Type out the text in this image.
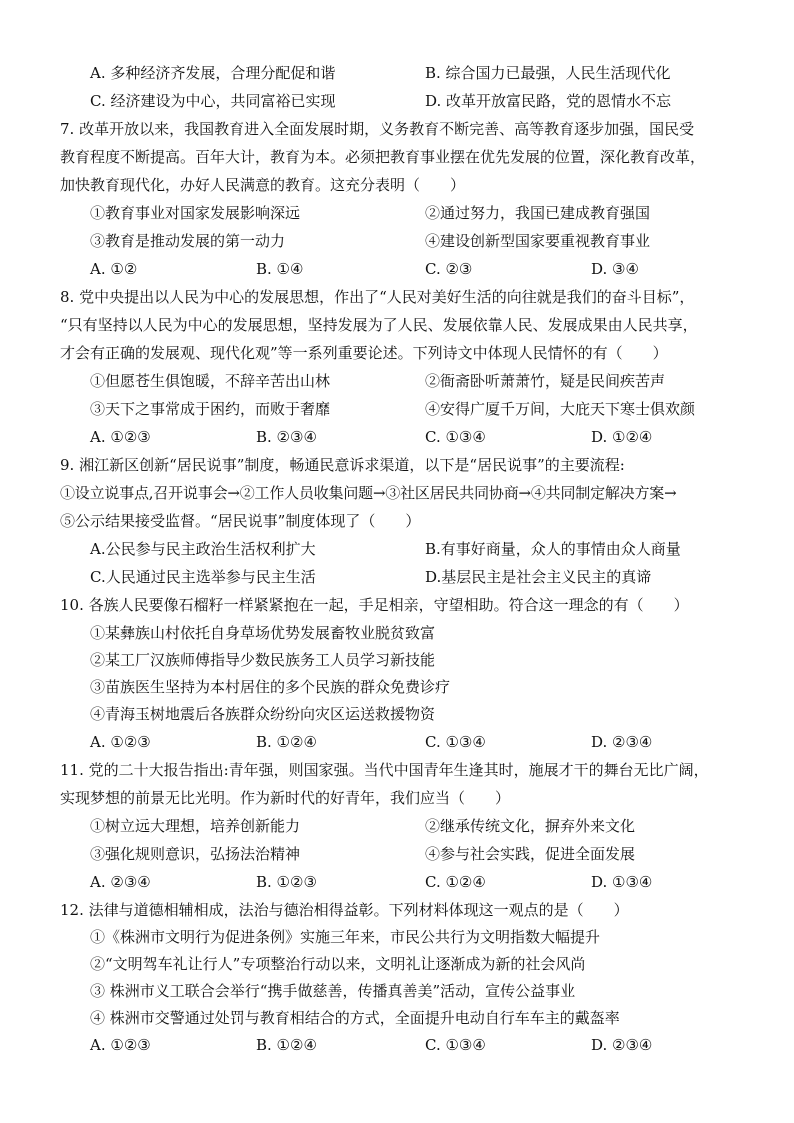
A. 多种经济齐发展，合理分配促和谐	B. 综合国力已最强，人民生活现代化
C. 经济建设为中心，共同富裕已实现	D. 改革开放富民路，党的恩情水不忘
7. 改革开放以来，我国教育进入全面发展时期，义务教育不断完善、高等教育逐步加强，国民受
教育程度不断提高。百年大计，教育为本。必须把教育事业摆在优先发展的位置，深化教育改革，
加快教育现代化，办好人民满意的教育。这充分表明（　　）
①教育事业对国家发展影响深远	②通过努力，我国已建成教育强国
③教育是推动发展的第一动力	④建设创新型国家要重视教育事业
A. ①②	B. ①④	C. ②③	D. ③④
8. 党中央提出以人民为中心的发展思想，作出了“人民对美好生活的向往就是我们的奋斗目标”，
“只有坚持以人民为中心的发展思想，坚持发展为了人民、发展依靠人民、发展成果由人民共享，
才会有正确的发展观、现代化观”等一系列重要论述。下列诗文中体现人民情怀的有（　　）
①但愿苍生俱饱暖，不辞辛苦出山林	②衙斋卧听萧萧竹，疑是民间疾苦声
③天下之事常成于困约，而败于奢靡	④安得广厦千万间，大庇天下寒士俱欢颜
A. ①②③	B. ②③④	C. ①③④	D. ①②④
9. 湘江新区创新“居民说事”制度，畅通民意诉求渠道，以下是“居民说事”的主要流程:
①设立说事点,召开说事会→②工作人员收集问题→③社区居民共同协商→④共同制定解决方案→
⑤公示结果接受监督。“居民说事”制度体现了（　　）
A.公民参与民主政治生活权利扩大	B.有事好商量，众人的事情由众人商量
C.人民通过民主选举参与民主生活	D.基层民主是社会主义民主的真谛
10. 各族人民要像石榴籽一样紧紧抱在一起，手足相亲，守望相助。符合这一理念的有（　　）
①某彝族山村依托自身草场优势发展畜牧业脱贫致富
②某工厂汉族师傅指导少数民族务工人员学习新技能
③苗族医生坚持为本村居住的多个民族的群众免费诊疗
④青海玉树地震后各族群众纷纷向灾区运送救援物资
A. ①②③	B. ①②④	C. ①③④	D. ②③④
11. 党的二十大报告指出:青年强，则国家强。当代中国青年生逢其时，施展才干的舞台无比广阔，
实现梦想的前景无比光明。作为新时代的好青年，我们应当（　　）
①树立远大理想，培养创新能力	②继承传统文化，摒弃外来文化
③强化规则意识，弘扬法治精神	④参与社会实践，促进全面发展
A. ②③④	B. ①②③	C. ①②④	D. ①③④
12. 法律与道德相辅相成，法治与德治相得益彰。下列材料体现这一观点的是（　　）
①《株洲市文明行为促进条例》实施三年来，市民公共行为文明指数大幅提升
②“文明驾车礼让行人”专项整治行动以来，文明礼让逐渐成为新的社会风尚
③ 株洲市义工联合会举行“携手做慈善，传播真善美”活动，宣传公益事业
④ 株洲市交警通过处罚与教育相结合的方式，全面提升电动自行车车主的戴盔率
A. ①②③	B. ①②④	C. ①③④	D. ②③④
